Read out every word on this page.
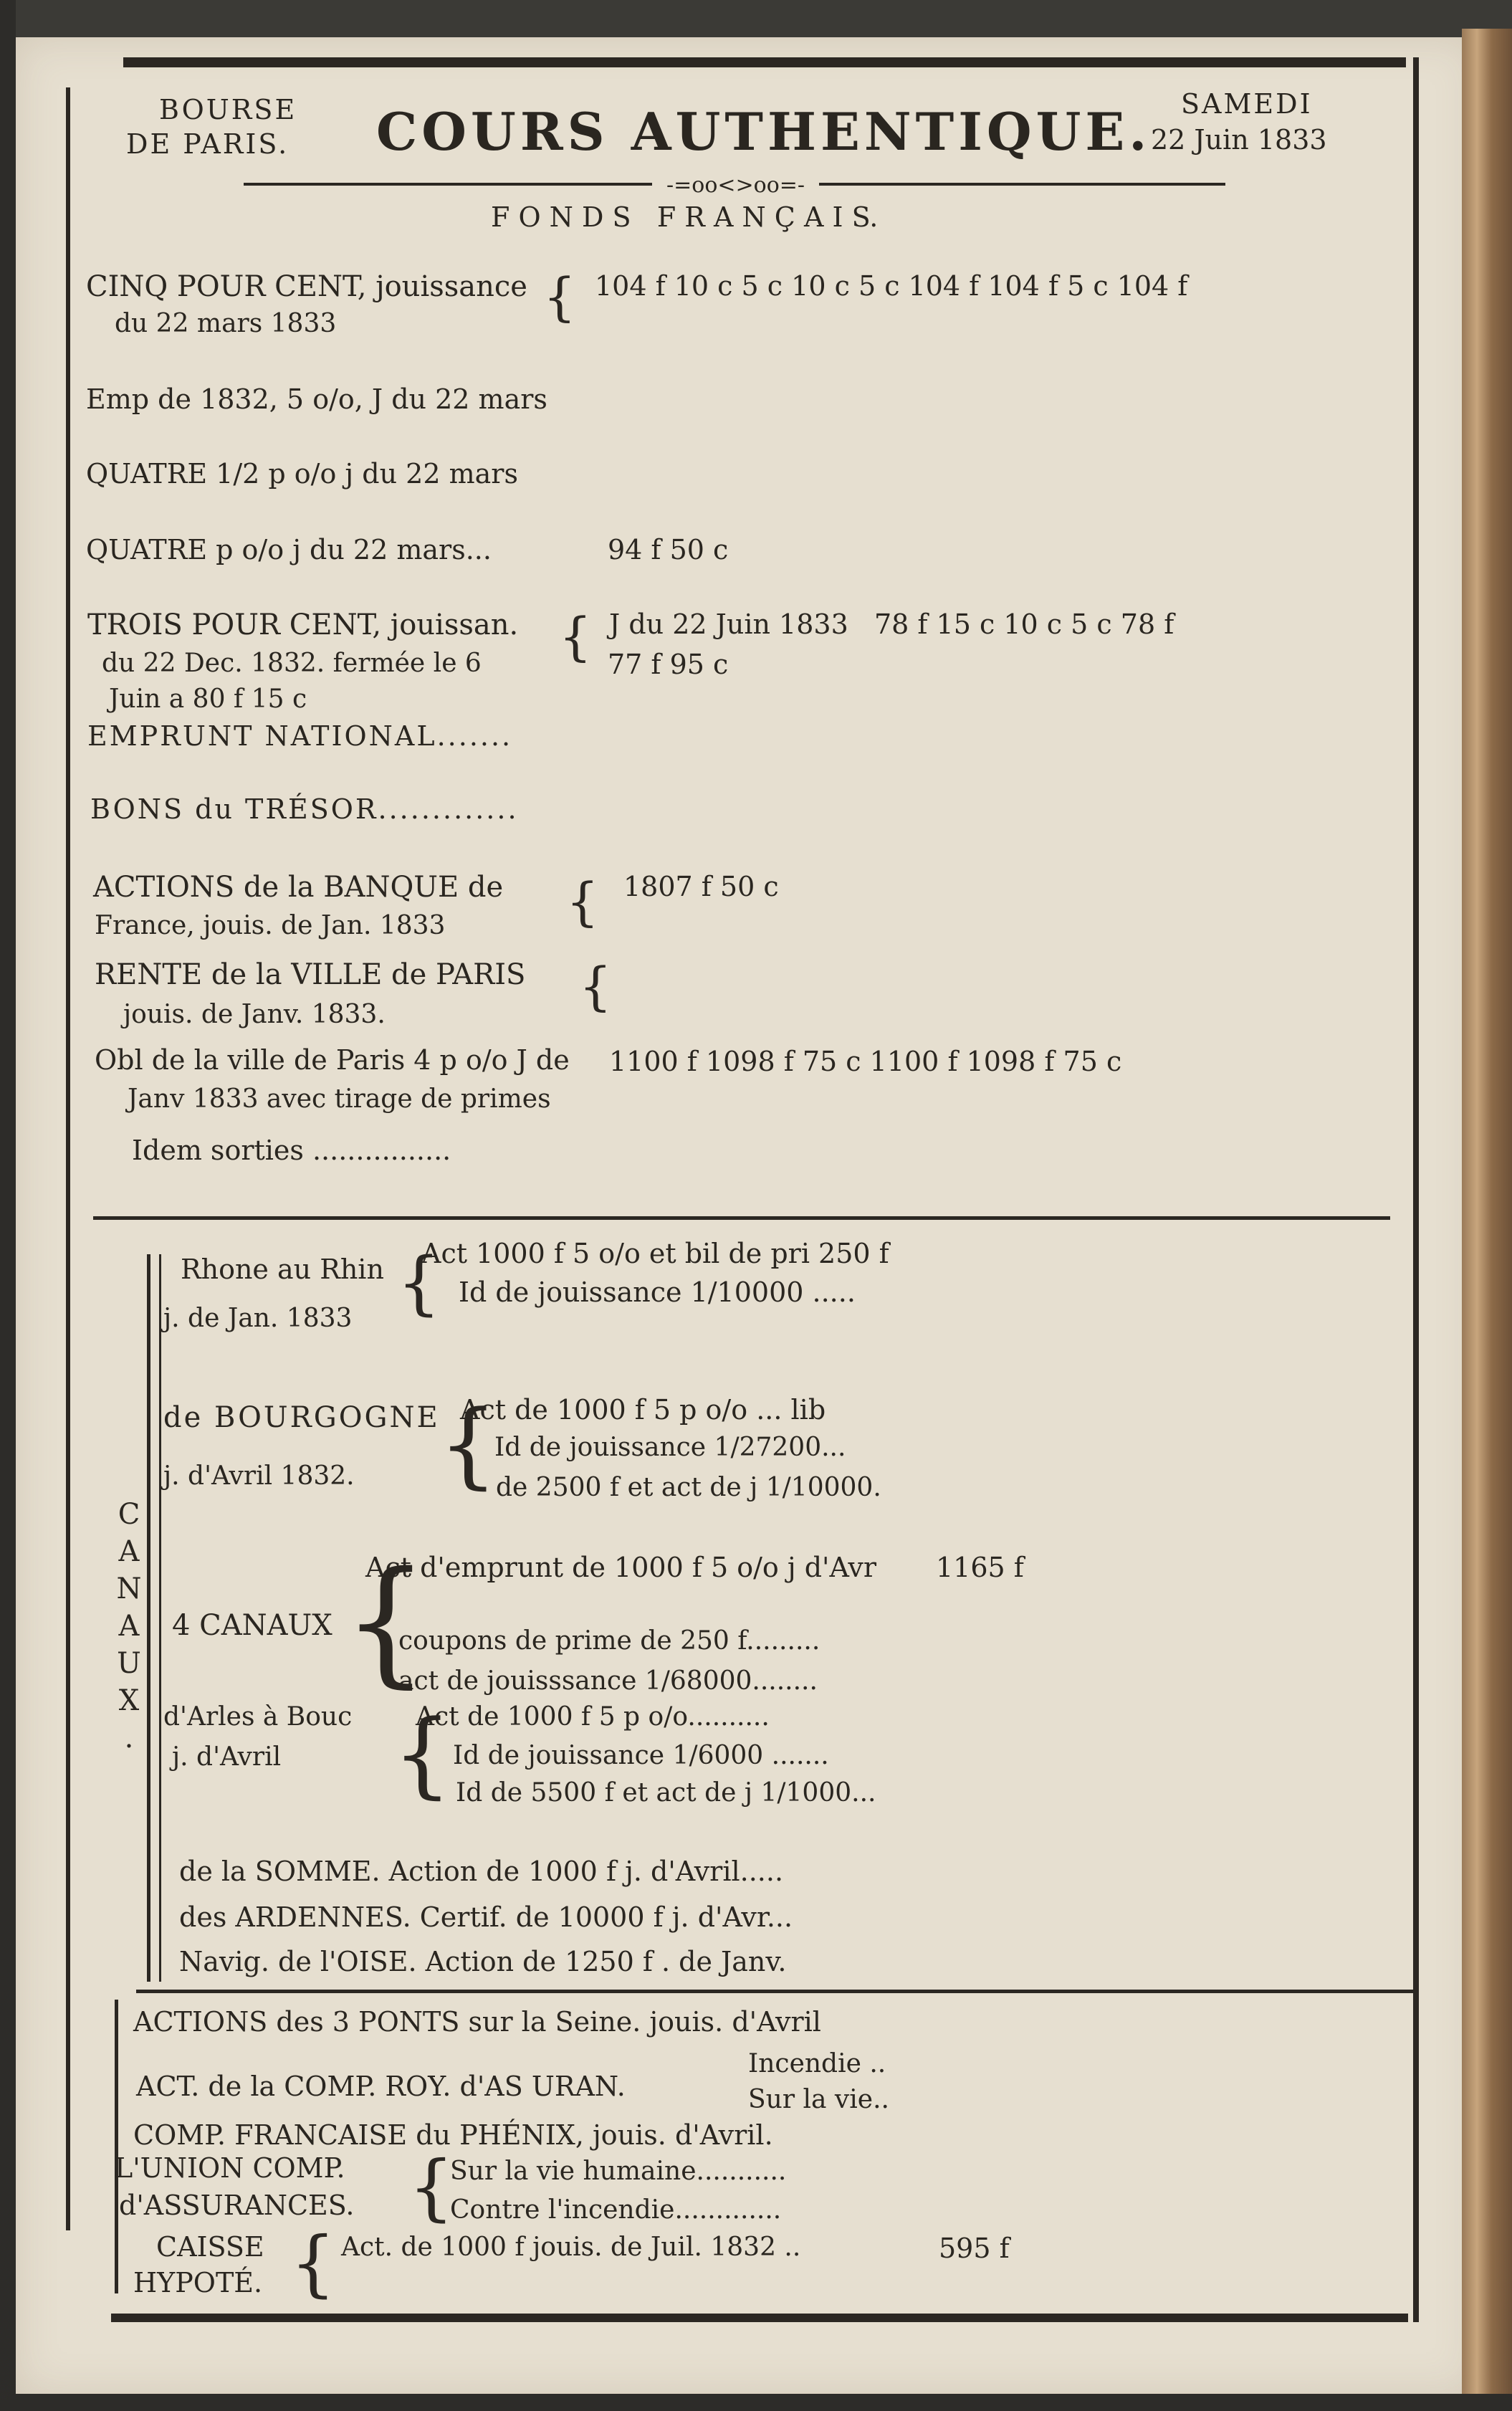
BOURSE
DE PARIS. COURS AUTHENTIQUE. SAMEDI
22 Juin 1833
-=oo<>oo=-
F O N D S   F R A N Ç A I S.
CINQ POUR CENT, jouissance
du 22 mars 1833	{ 104 f 10 c 5 c 10 c 5 c 104 f 104 f 5 c 104 f
Emp de 1832, 5 o/o, J du 22 mars
QUATRE 1/2 p o/o j du 22 mars
QUATRE p o/o j du 22 mars...	94 f 50 c
TROIS POUR CENT, jouissan.
du 22 Dec. 1832. fermée le 6
Juin a 80 f 15 c
{ J du 22 Juin 1833   78 f 15 c 10 c 5 c 78 f
77 f 95 c
EMPRUNT NATIONAL.......
BONS du TRÉSOR.............
ACTIONS de la BANQUE de
France, jouis. de Jan. 1833 { 1807 f 50 c
RENTE de la VILLE de PARIS
jouis. de Janv. 1833.	{
Obl de la ville de Paris 4 p o/o J de
Janv 1833 avec tirage de primes
1100 f 1098 f 75 c 1100 f 1098 f 75 c
Idem sorties ................
CANAUX.
Rhone au Rhin
j. de Jan. 1833 {
Act 1000 f 5 o/o et bil de pri 250 f
Id de jouissance 1/10000 .....
de BOURGOGNE
j. d'Avril 1832. {
Act de 1000 f 5 p o/o ... lib
Id de jouissance 1/27200...
de 2500 f et act de j 1/10000.
4 CANAUX {
Act d'emprunt de 1000 f 5 o/o j d'Avr 1165 f
coupons de prime de 250 f.........
act de jouisssance 1/68000........
d'Arles à Bouc
j. d'Avril {
Act de 1000 f 5 p o/o..........
Id de jouissance 1/6000 .......
Id de 5500 f et act de j 1/1000...
de la SOMME. Action de 1000 f j. d'Avril.....
des ARDENNES. Certif. de 10000 f j. d'Avr...
Navig. de l'OISE. Action de 1250 f . de Janv.
ACTIONS des 3 PONTS sur la Seine. jouis. d'Avril
ACT. de la COMP. ROY. d'AS URAN.
Incendie ..
Sur la vie..
COMP. FRANCAISE du PHÉNIX, jouis. d'Avril.
L'UNION COMP.
d'ASSURANCES. {
Sur la vie humaine...........
Contre l'incendie.............
CAISSE
HYPOTÉ. { Act. de 1000 f jouis. de Juil. 1832 ..	595 f
